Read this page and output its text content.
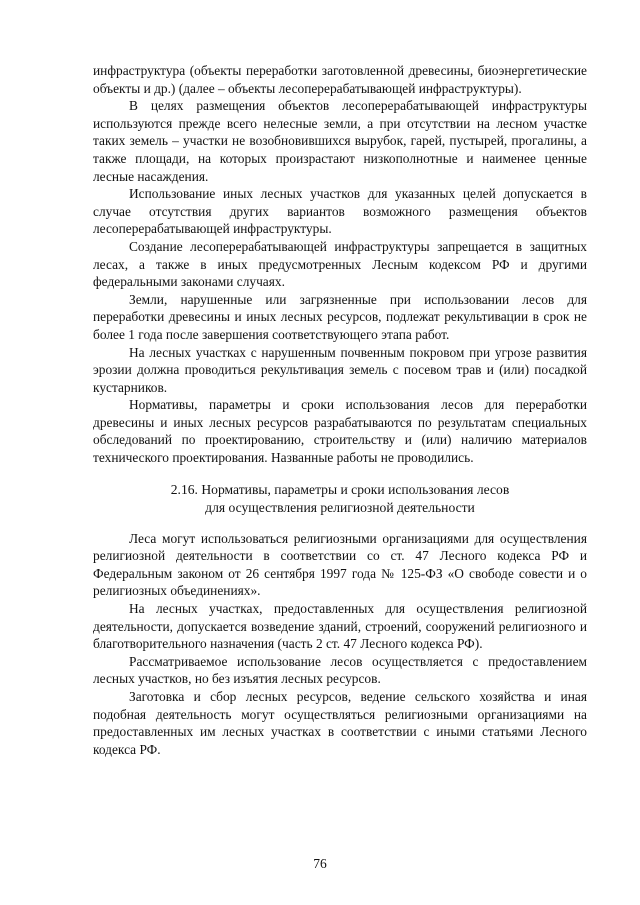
инфраструктура (объекты переработки заготовленной древесины, биоэнергетические объекты и др.) (далее – объекты лесоперерабатывающей инфраструктуры).

В целях размещения объектов лесоперерабатывающей инфраструктуры используются прежде всего нелесные земли, а при отсутствии на лесном участке таких земель – участки не возобновившихся вырубок, гарей, пустырей, прогалины, а также площади, на которых произрастают низкополнотные и наименее ценные лесные насаждения.

Использование иных лесных участков для указанных целей допускается в случае отсутствия других вариантов возможного размещения объектов лесоперерабатывающей инфраструктуры.

Создание лесоперерабатывающей инфраструктуры запрещается в защитных лесах, а также в иных предусмотренных Лесным кодексом РФ и другими федеральными законами случаях.

Земли, нарушенные или загрязненные при использовании лесов для переработки древесины и иных лесных ресурсов, подлежат рекультивации в срок не более 1 года после завершения соответствующего этапа работ.

На лесных участках с нарушенным почвенным покровом при угрозе развития эрозии должна проводиться рекультивация земель с посевом трав и (или) посадкой кустарников.

Нормативы, параметры и сроки использования лесов для переработки древесины и иных лесных ресурсов разрабатываются по результатам специальных обследований по проектированию, строительству и (или) наличию материалов технического проектирования. Названные работы не проводились.

2.16. Нормативы, параметры и сроки использования лесов
для осуществления религиозной деятельности

Леса могут использоваться религиозными организациями для осуществления религиозной деятельности в соответствии со ст. 47 Лесного кодекса РФ и Федеральным законом от 26 сентября 1997 года № 125-ФЗ «О свободе совести и о религиозных объединениях».

На лесных участках, предоставленных для осуществления религиозной деятельности, допускается возведение зданий, строений, сооружений религиозного и благотворительного назначения (часть 2 ст. 47 Лесного кодекса РФ).

Рассматриваемое использование лесов осуществляется с предоставлением лесных участков, но без изъятия лесных ресурсов.

Заготовка и сбор лесных ресурсов, ведение сельского хозяйства и иная подобная деятельность могут осуществляться религиозными организациями на предоставленных им лесных участках в соответствии с иными статьями Лесного кодекса РФ.

76
